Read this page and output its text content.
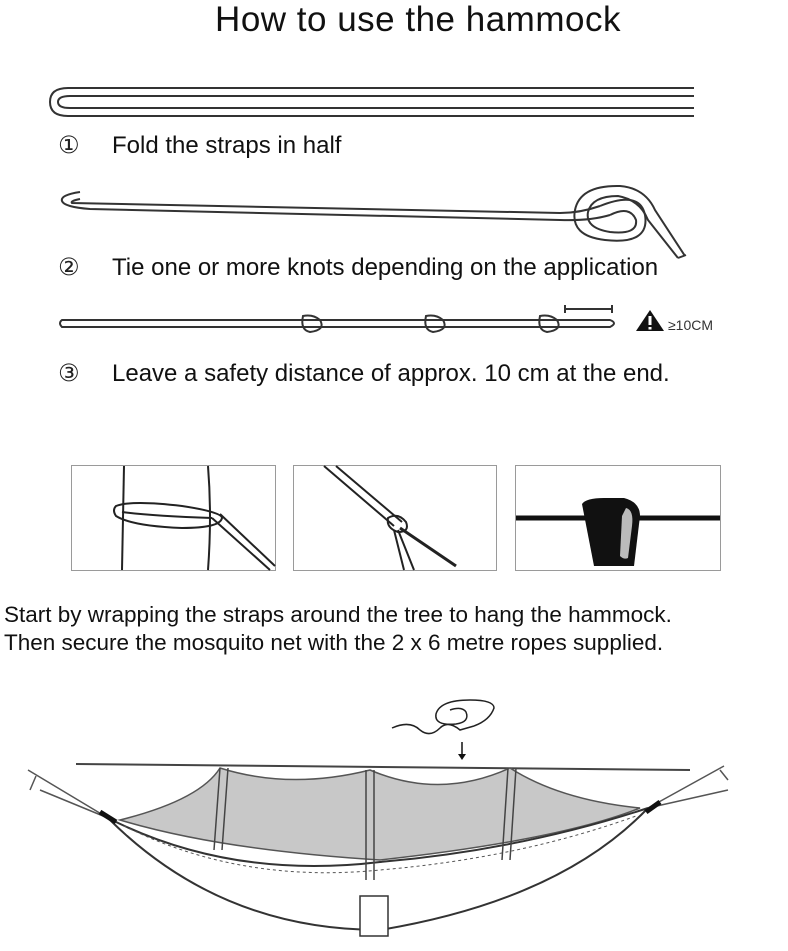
How to use the hammock
① Fold the straps in half
② Tie one or more knots depending on the application
≥10CM
③ Leave a safety distance of approx. 10 cm at the end.
Start by wrapping the straps around the tree to hang the hammock.
Then secure the mosquito net with the 2 x 6 metre ropes supplied.
